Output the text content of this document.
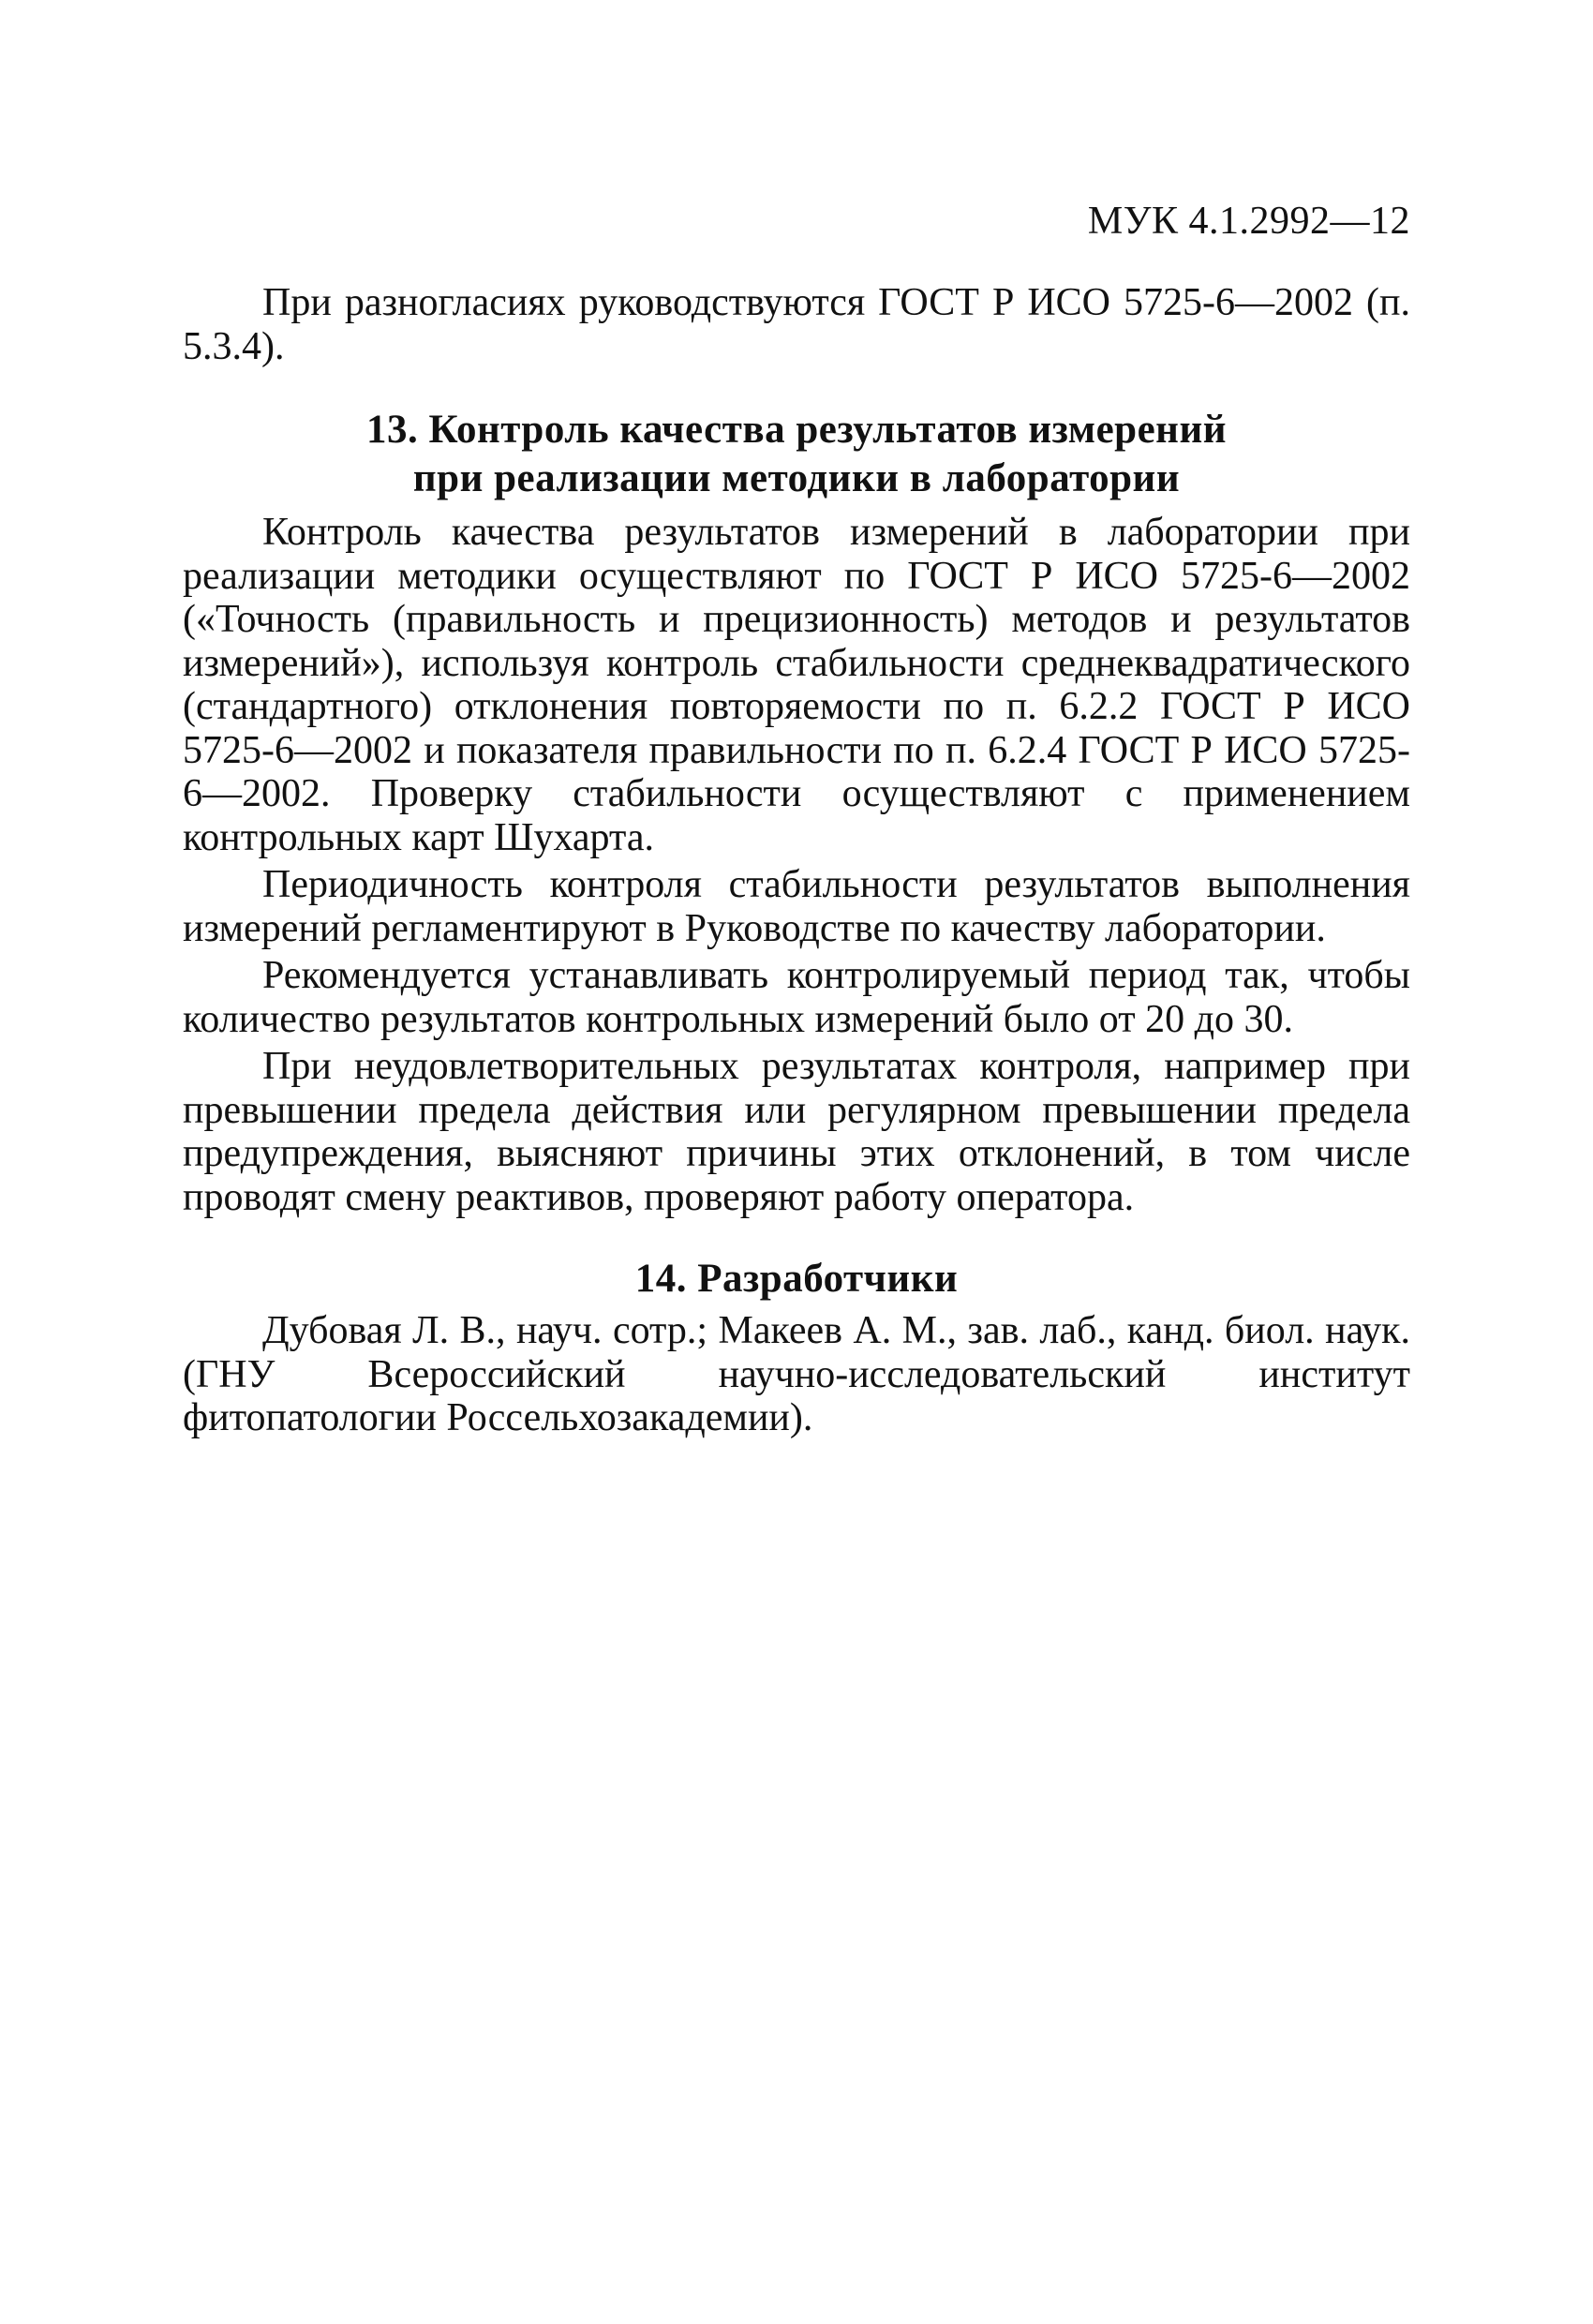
МУК 4.1.2992—12

При разногласиях руководствуются ГОСТ Р ИСО 5725-6—2002 (п. 5.3.4).

13. Контроль качества результатов измерений
при реализации методики в лаборатории

Контроль качества результатов измерений в лаборатории при реализации методики осуществляют по ГОСТ Р ИСО 5725-6—2002 («Точность (правильность и прецизионность) методов и результатов измерений»), используя контроль стабильности среднеквадратического (стандартного) отклонения повторяемости по п. 6.2.2 ГОСТ Р ИСО 5725-6—2002 и показателя правильности по п. 6.2.4 ГОСТ Р ИСО 5725-6—2002. Проверку стабильности осуществляют с применением контрольных карт Шухарта.

Периодичность контроля стабильности результатов выполнения измерений регламентируют в Руководстве по качеству лаборатории.

Рекомендуется устанавливать контролируемый период так, чтобы количество результатов контрольных измерений было от 20 до 30.

При неудовлетворительных результатах контроля, например при превышении предела действия или регулярном превышении предела предупреждения, выясняют причины этих отклонений, в том числе проводят смену реактивов, проверяют работу оператора.

14. Разработчики

Дубовая Л. В., науч. сотр.; Макеев А. М., зав. лаб., канд. биол. наук. (ГНУ Всероссийский научно-исследовательский институт фитопатологии Россельхозакадемии).
